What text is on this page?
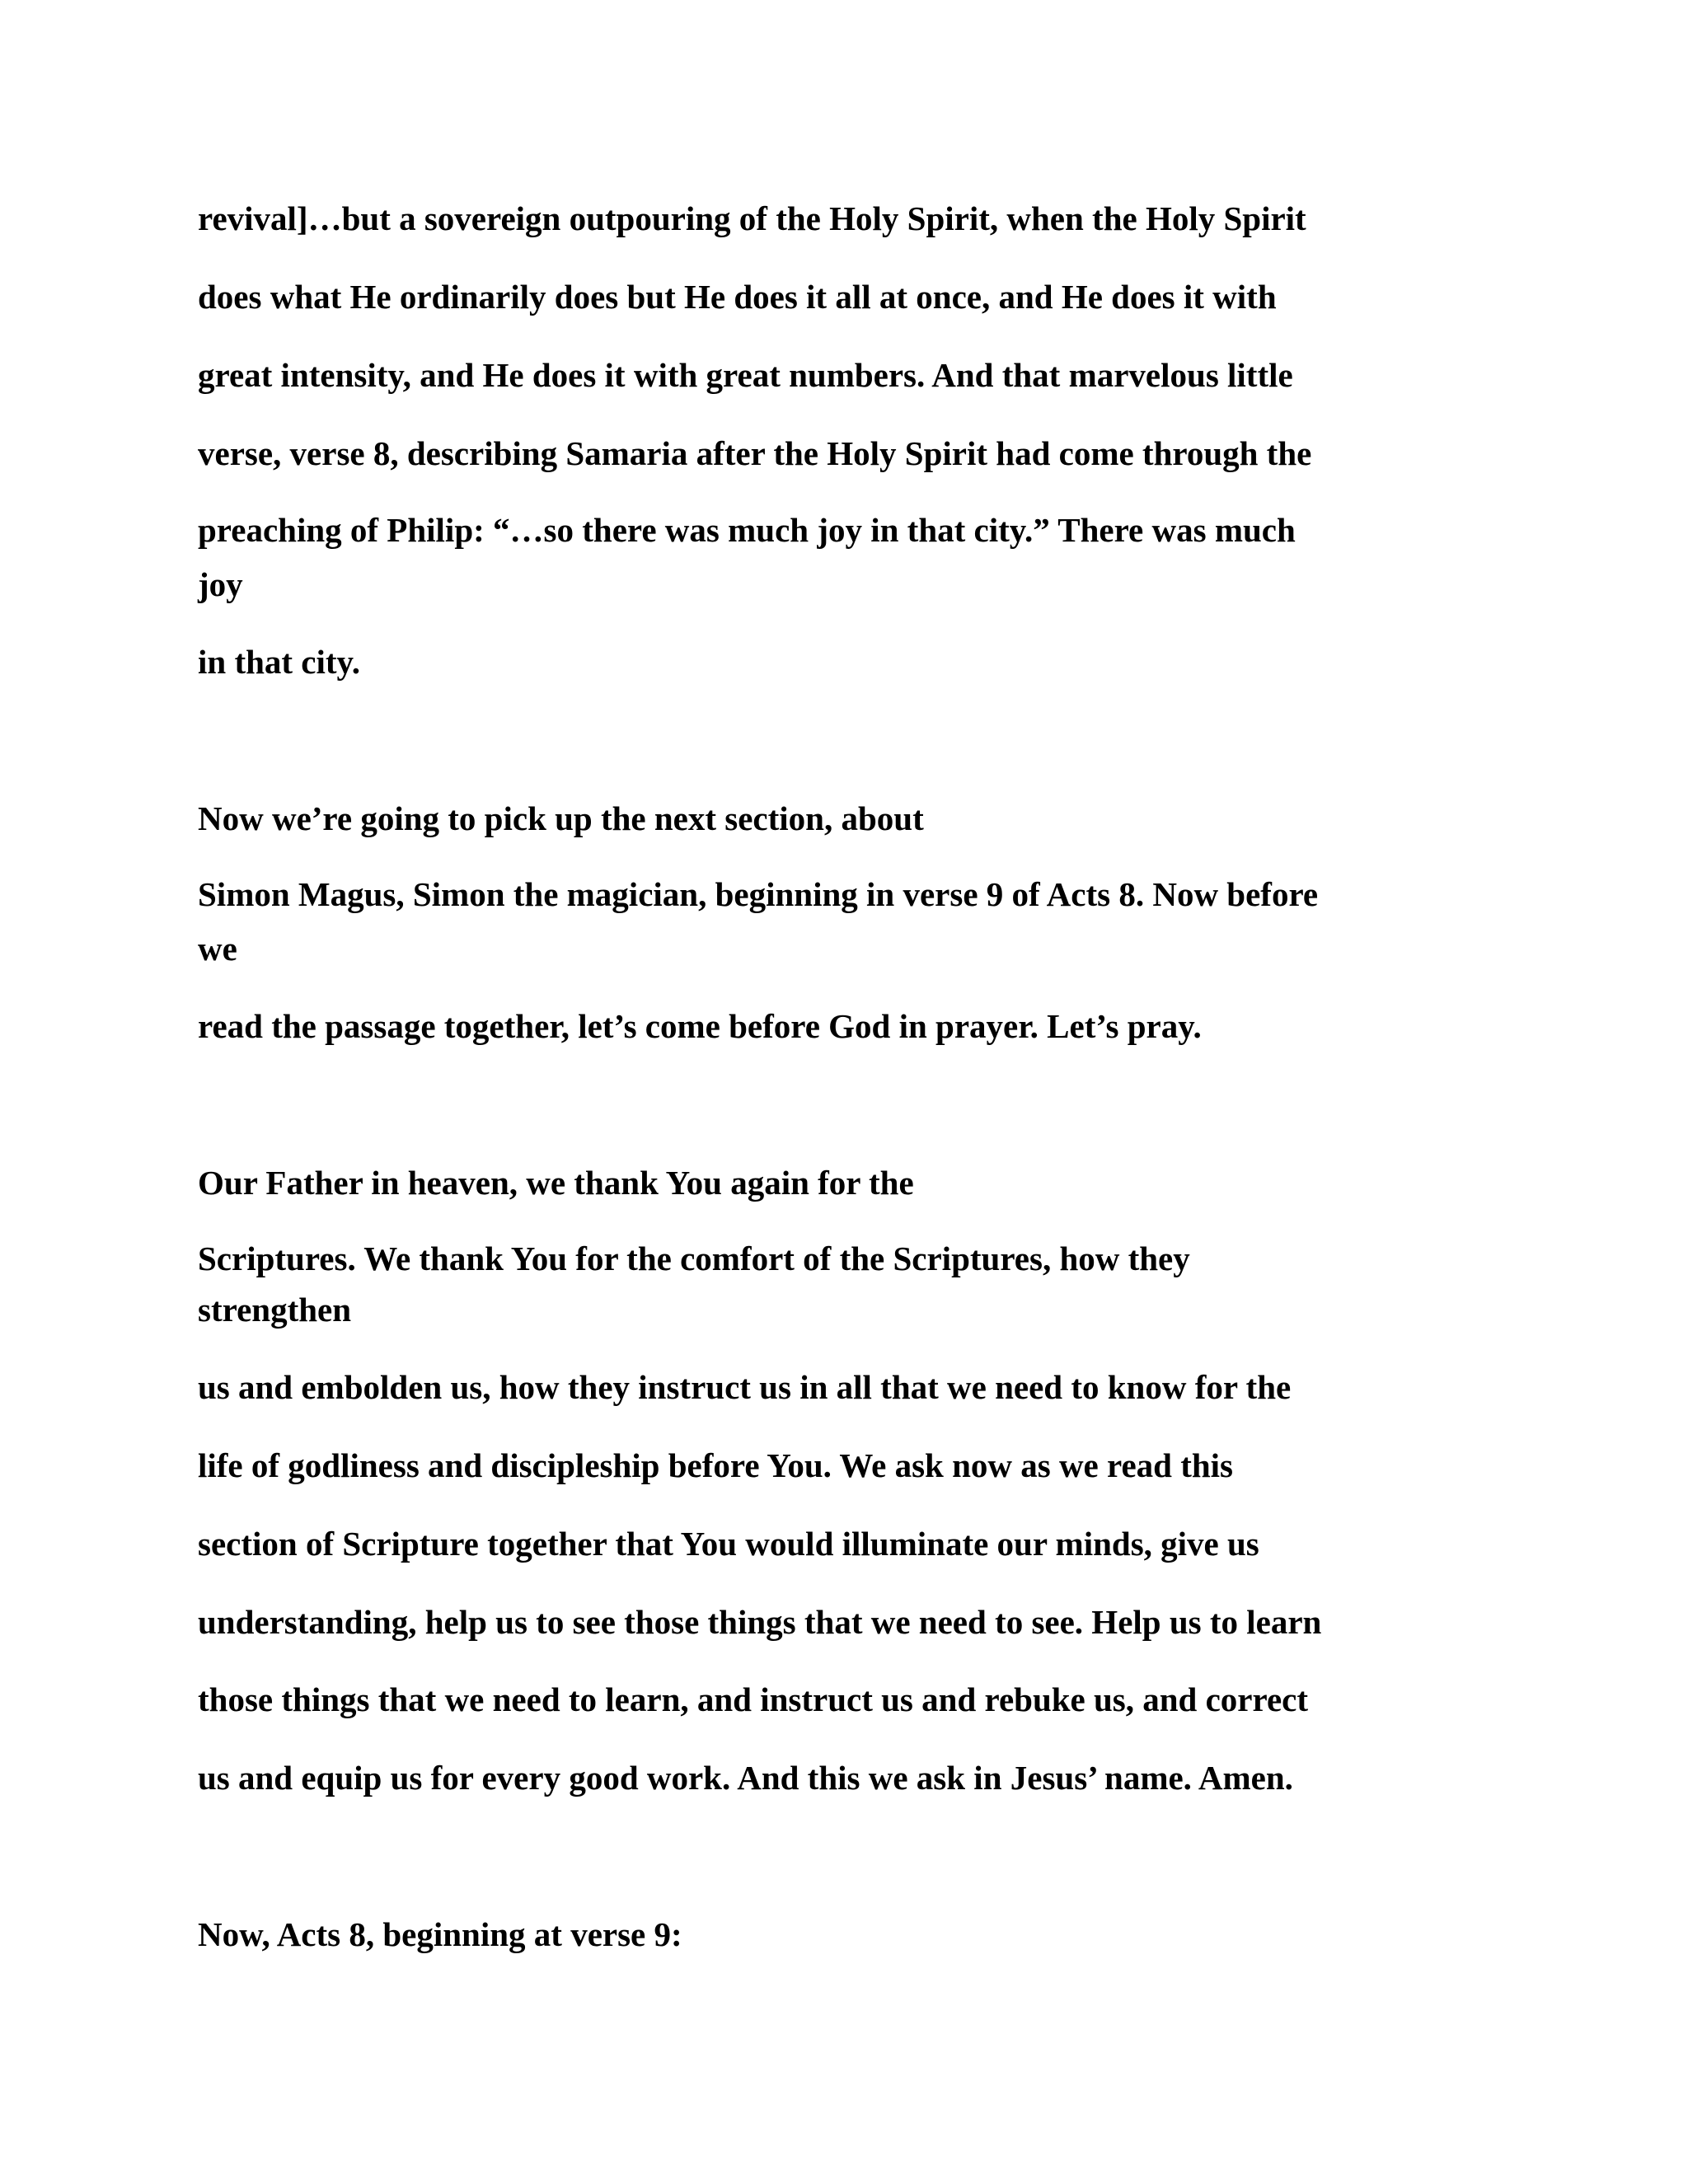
revival]…but a sovereign outpouring of the Holy Spirit, when the Holy Spirit
does what He ordinarily does but He does it all at once, and He does it with
great intensity, and He does it with great numbers. And that marvelous little
verse, verse 8, describing Samaria after the Holy Spirit had come through the
preaching of Philip: “…so there was much joy in that city.” There was much
joy
in that city.
Now we’re going to pick up the next section, about
Simon Magus, Simon the magician, beginning in verse 9 of Acts 8. Now before
we
read the passage together, let’s come before God in prayer. Let’s pray.
Our Father in heaven, we thank You again for the
Scriptures. We thank You for the comfort of the Scriptures, how they
strengthen
us and embolden us, how they instruct us in all that we need to know for the
life of godliness and discipleship before You. We ask now as we read this
section of Scripture together that You would illuminate our minds, give us
understanding, help us to see those things that we need to see. Help us to learn
those things that we need to learn, and instruct us and rebuke us, and correct
us and equip us for every good work. And this we ask in Jesus’ name. Amen.
Now, Acts 8, beginning at verse 9:
